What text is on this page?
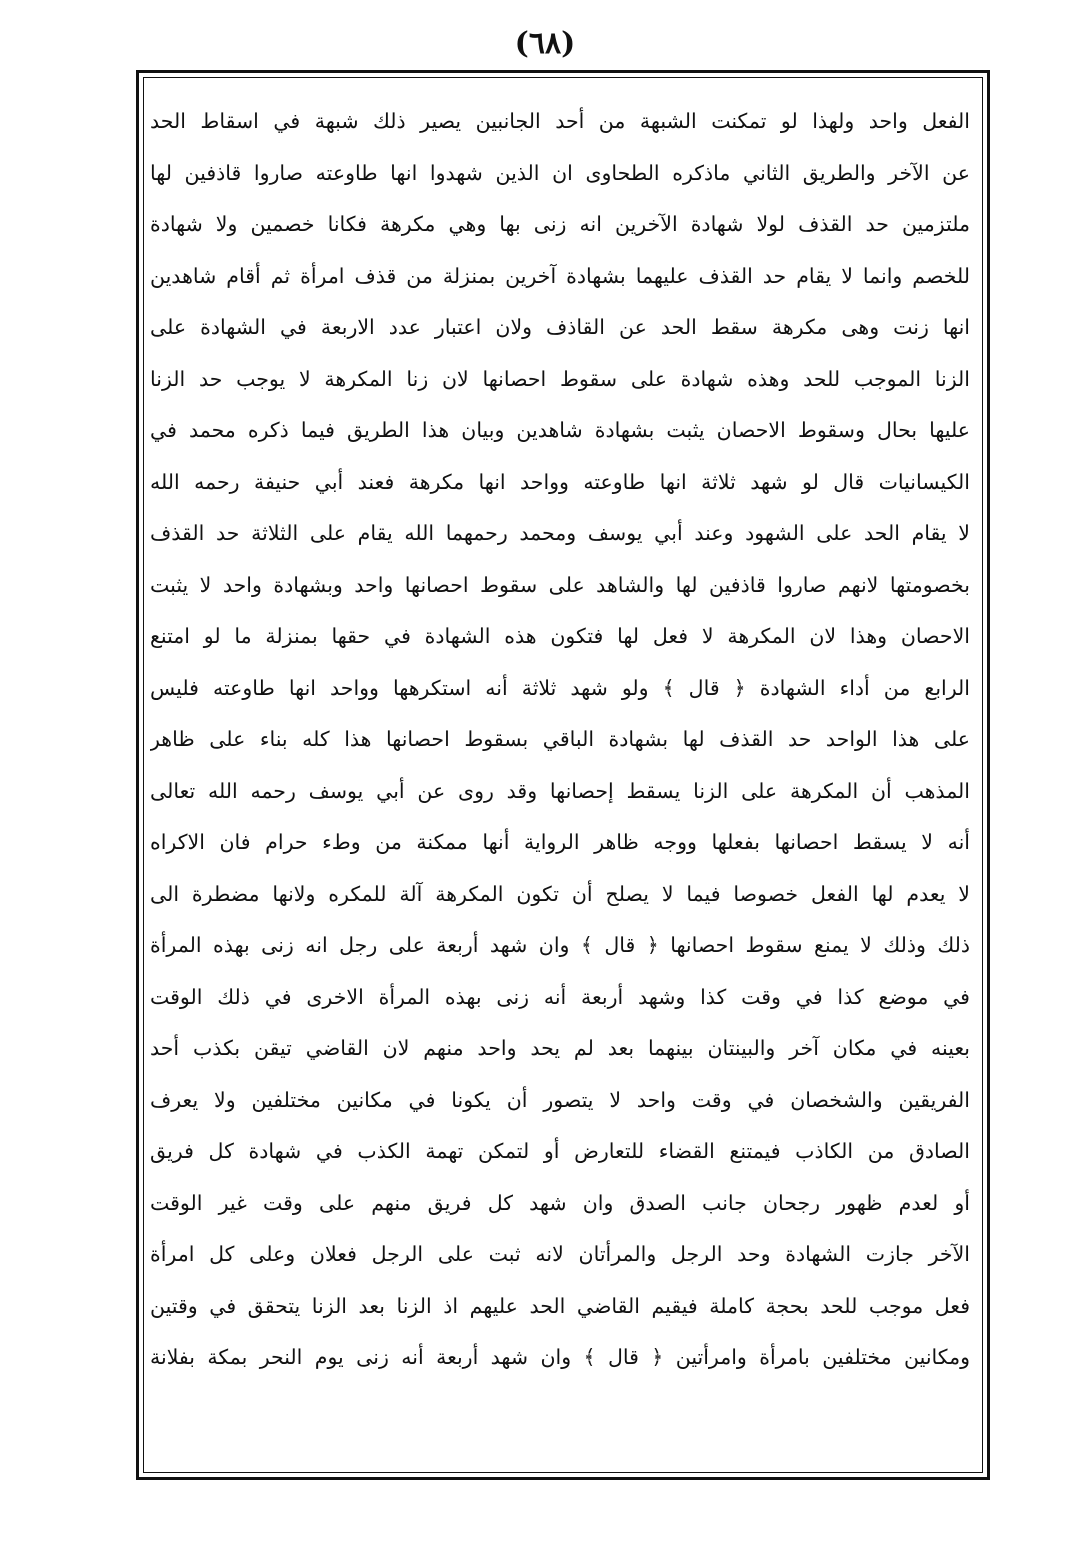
(٦٨)
الفعل واحد ولهذا لو تمكنت الشبهة من أحد الجانبين يصير ذلك شبهة في اسقاط الحد
عن الآخر والطريق الثاني ماذكره الطحاوى ان الذين شهدوا انها طاوعته صاروا قاذفين لها
ملتزمين حد القذف لولا شهادة الآخرين انه زنى بها وهي مكرهة فكانا خصمين ولا شهادة
للخصم وانما لا يقام حد القذف عليهما بشهادة آخرين بمنزلة من قذف امرأة ثم أقام شاهدين
انها زنت وهى مكرهة سقط الحد عن القاذف ولان اعتبار عدد الاربعة في الشهادة على
الزنا الموجب للحد وهذه شهادة على سقوط احصانها لان زنا المكرهة لا يوجب حد الزنا
عليها بحال وسقوط الاحصان يثبت بشهادة شاهدين وبيان هذا الطريق فيما ذكره محمد في
الكيسانيات قال لو شهد ثلاثة انها طاوعته وواحد انها مكرهة فعند أبي حنيفة رحمه الله
لا يقام الحد على الشهود وعند أبي يوسف ومحمد رحمهما الله يقام على الثلاثة حد القذف
بخصومتها لانهم صاروا قاذفين لها والشاهد على سقوط احصانها واحد وبشهادة واحد لا يثبت
الاحصان وهذا لان المكرهة لا فعل لها فتكون هذه الشهادة في حقها بمنزلة ما لو امتنع
الرابع من أداء الشهادة ﴿ قال ﴾ ولو شهد ثلاثة أنه استكرهها وواحد انها طاوعته فليس
على هذا الواحد حد القذف لها بشهادة الباقي بسقوط احصانها هذا كله بناء على ظاهر
المذهب أن المكرهة على الزنا يسقط إحصانها وقد روى عن أبي يوسف رحمه الله تعالى
أنه لا يسقط احصانها بفعلها ووجه ظاهر الرواية أنها ممكنة من وطء حرام فان الاكراه
لا يعدم لها الفعل خصوصا فيما لا يصلح أن تكون المكرهة آلة للمكره ولانها مضطرة الى
ذلك وذلك لا يمنع سقوط احصانها ﴿ قال ﴾ وان شهد أربعة على رجل انه زنى بهذه المرأة
في موضع كذا في وقت كذا وشهد أربعة أنه زنى بهذه المرأة الاخرى في ذلك الوقت
بعينه في مكان آخر والبينتان بينهما بعد لم يحد واحد منهم لان القاضي تيقن بكذب أحد
الفريقين والشخصان في وقت واحد لا يتصور أن يكونا في مكانين مختلفين ولا يعرف
الصادق من الكاذب فيمتنع القضاء للتعارض أو لتمكن تهمة الكذب في شهادة كل فريق
أو لعدم ظهور رجحان جانب الصدق وان شهد كل فريق منهم على وقت غير الوقت
الآخر جازت الشهادة وحد الرجل والمرأتان لانه ثبت على الرجل فعلان وعلى كل امرأة
فعل موجب للحد بحجة كاملة فيقيم القاضي الحد عليهم اذ الزنا بعد الزنا يتحقق في وقتين
ومكانين مختلفين بامرأة وامرأتين ﴿ قال ﴾ وان شهد أربعة أنه زنى يوم النحر بمكة بفلانة
